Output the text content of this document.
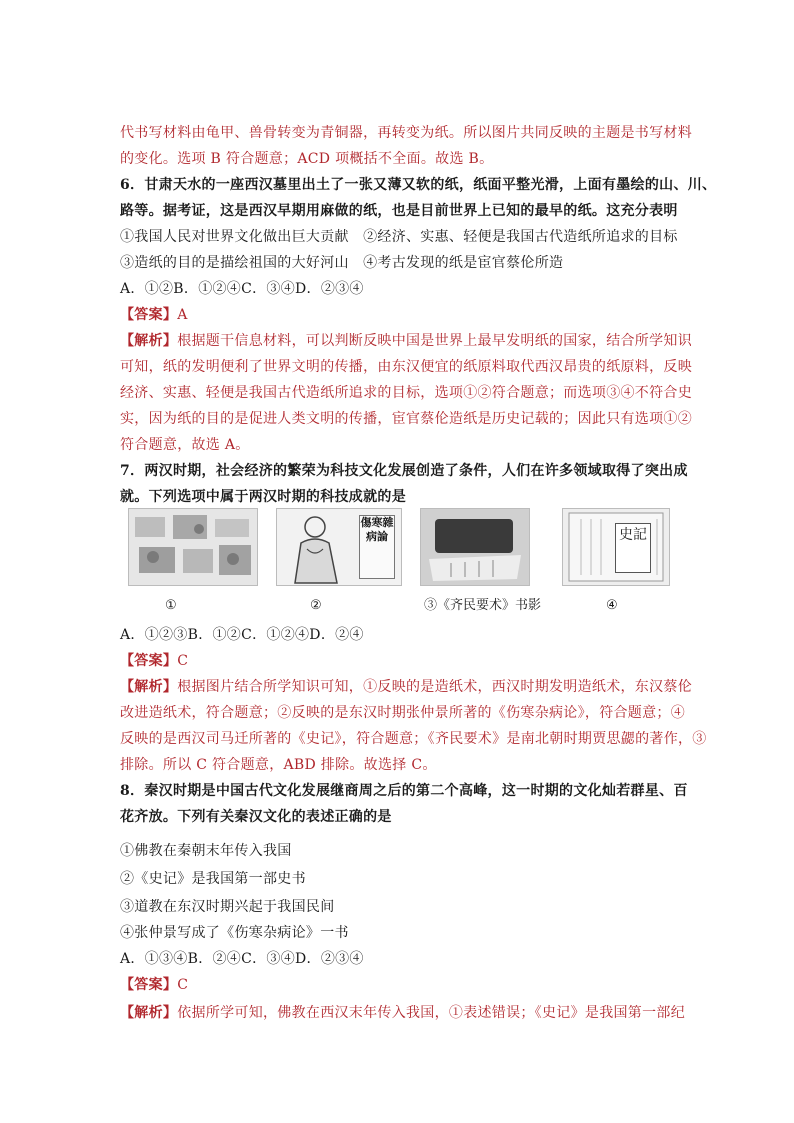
代书写材料由龟甲、兽骨转变为青铜器，再转变为纸。所以图片共同反映的主题是书写材料
的变化。选项 B 符合题意；ACD 项概括不全面。故选 B。
6．甘肃天水的一座西汉墓里出土了一张又薄又软的纸，纸面平整光滑，上面有墨绘的山、川、
路等。据考证，这是西汉早期用麻做的纸，也是目前世界上已知的最早的纸。这充分表明
①我国人民对世界文化做出巨大贡献　②经济、实惠、轻便是我国古代造纸所追求的目标
③造纸的目的是描绘祖国的大好河山　④考古发现的纸是宦官蔡伦所造
A．①②B．①②④C．③④D．②③④
【答案】A
【解析】根据题干信息材料，可以判断反映中国是世界上最早发明纸的国家，结合所学知识
可知，纸的发明便利了世界文明的传播，由东汉便宜的纸原料取代西汉昂贵的纸原料，反映
经济、实惠、轻便是我国古代造纸所追求的目标，选项①②符合题意；而选项③④不符合史
实，因为纸的目的是促进人类文明的传播，宦官蔡伦造纸是历史记载的；因此只有选项①②
符合题意，故选 A。
7．两汉时期，社会经济的繁荣为科技文化发展创造了条件，人们在许多领域取得了突出成
就。下列选项中属于两汉时期的科技成就的是
傷寒雜病論	史記
①	②	③《齐民要术》书影	④
A．①②③B．①②C．①②④D．②④
【答案】C
【解析】根据图片结合所学知识可知，①反映的是造纸术，西汉时期发明造纸术，东汉蔡伦
改进造纸术，符合题意；②反映的是东汉时期张仲景所著的《伤寒杂病论》，符合题意；④
反映的是西汉司马迁所著的《史记》，符合题意；《齐民要术》是南北朝时期贾思勰的著作，③
排除。所以 C 符合题意，ABD 排除。故选择 C。
8．秦汉时期是中国古代文化发展继商周之后的第二个高峰，这一时期的文化灿若群星、百
花齐放。下列有关秦汉文化的表述正确的是
①佛教在秦朝末年传入我国
②《史记》是我国第一部史书
③道教在东汉时期兴起于我国民间
④张仲景写成了《伤寒杂病论》一书
A．①③④B．②④C．③④D．②③④
【答案】C
【解析】依据所学可知，佛教在西汉末年传入我国，①表述错误；《史记》是我国第一部纪
